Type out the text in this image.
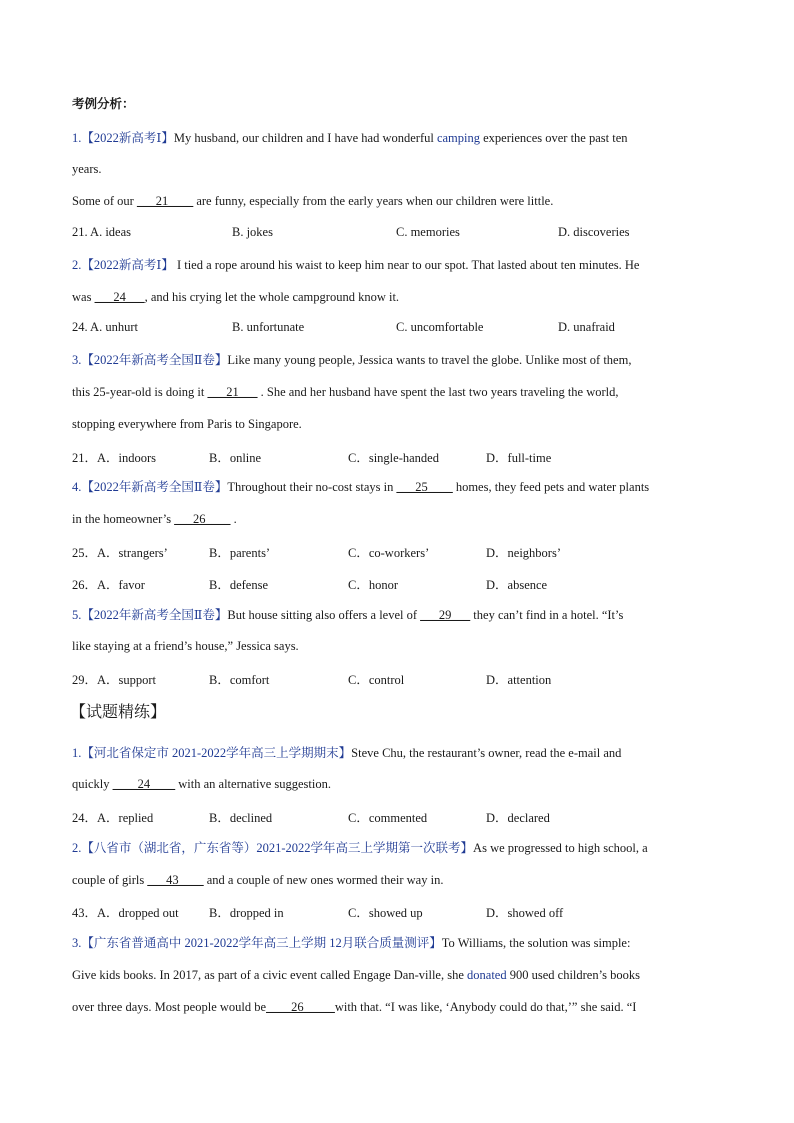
考例分析：
1.【2022新高考Ⅰ】My husband, our children and I have had wonderful camping experiences over the past ten
years.
Some of our ___21____ are funny, especially from the early years when our children were little.
21. A. ideas	B. jokes	C. memories	D. discoveries
2.【2022新高考Ⅰ】 I tied a rope around his waist to keep him near to our spot. That lasted about ten minutes. He
was ___24___, and his crying let the whole campground know it.
24. A. unhurt	B. unfortunate	C. uncomfortable	D. unafraid
3.【2022年新高考全国Ⅱ卷】Like many young people, Jessica wants to travel the globe. Unlike most of them,
this 25-year-old is doing it ___21___ . She and her husband have spent the last two years traveling the world,
stopping everywhere from Paris to Singapore.
21．A．indoors	B．online	C．single-handed	D．full-time
4.【2022年新高考全国Ⅱ卷】Throughout their no-cost stays in ___25____ homes, they feed pets and water plants
in the homeowner’s ___26____ .
25．A．strangers’	B．parents’	C．co-workers’	D．neighbors’
26．A．favor	B．defense	C．honor	D．absence
5.【2022年新高考全国Ⅱ卷】But house sitting also offers a level of ___29___ they can’t find in a hotel. “It’s
like staying at a friend’s house,” Jessica says.
29．A．support	B．comfort	C．control	D．attention
【试题精练】
1.【河北省保定市 2021-2022学年高三上学期期末】Steve Chu, the restaurant’s owner, read the e-mail and
quickly ____24____ with an alternative suggestion.
24．A．replied	B．declined	C．commented	D．declared
2.【八省市（湖北省，广东省等）2021-2022学年高三上学期第一次联考】As we progressed to high school, a
couple of girls ___43____ and a couple of new ones wormed their way in.
43．A．dropped out B．dropped in	C．showed up	D．showed off
3.【广东省普通高中 2021-2022学年高三上学期 12月联合质量测评】To Williams, the solution was simple:
Give kids books. In 2017, as part of a civic event called Engage Dan-ville, she donated 900 used children’s books
over three days. Most people would be____26_____with that. “I was like, ‘Anybody could do that,’” she said. “I
